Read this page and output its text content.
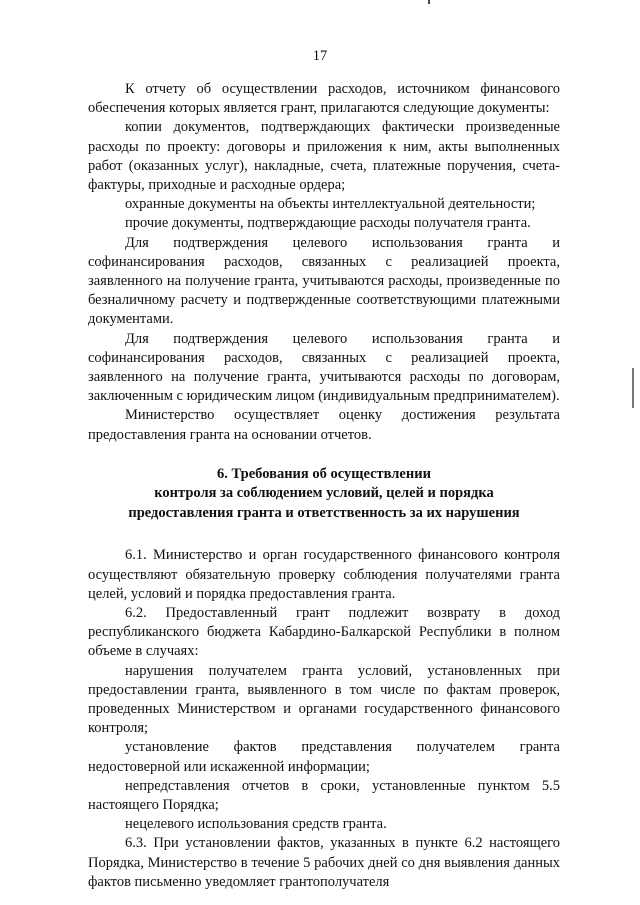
17

К отчету об осуществлении расходов, источником финансового обеспечения которых является грант, прилагаются следующие документы:

копии документов, подтверждающих фактически произведенные расходы по проекту: договоры и приложения к ним, акты выполненных работ (оказанных услуг), накладные, счета, платежные поручения, счета-фактуры, приходные и расходные ордера;

охранные документы на объекты интеллектуальной деятельности;

прочие документы, подтверждающие расходы получателя гранта.

Для подтверждения целевого использования гранта и софинансирования расходов, связанных с реализацией проекта, заявленного на получение гранта, учитываются расходы, произведенные по безналичному расчету и подтвержденные соответствующими платежными документами.

Для подтверждения целевого использования гранта и софинансирования расходов, связанных с реализацией проекта, заявленного на получение гранта, учитываются расходы по договорам, заключенным с юридическим лицом (индивидуальным предпринимателем).

Министерство осуществляет оценку достижения результата предоставления гранта на основании отчетов.

6. Требования об осуществлении
контроля за соблюдением условий, целей и порядка
предоставления гранта и ответственность за их нарушения

6.1. Министерство и орган государственного финансового контроля осуществляют обязательную проверку соблюдения получателями гранта целей, условий и порядка предоставления гранта.

6.2. Предоставленный грант подлежит возврату в доход республиканского бюджета Кабардино-Балкарской Республики в полном объеме в случаях:

нарушения получателем гранта условий, установленных при предоставлении гранта, выявленного в том числе по фактам проверок, проведенных Министерством и органами государственного финансового контроля;

установление фактов представления получателем гранта недостоверной или искаженной информации;

непредставления отчетов в сроки, установленные пунктом 5.5 настоящего Порядка;

нецелевого использования средств гранта.

6.3. При установлении фактов, указанных в пункте 6.2 настоящего Порядка, Министерство в течение 5 рабочих дней со дня выявления данных фактов письменно уведомляет грантополучателя
